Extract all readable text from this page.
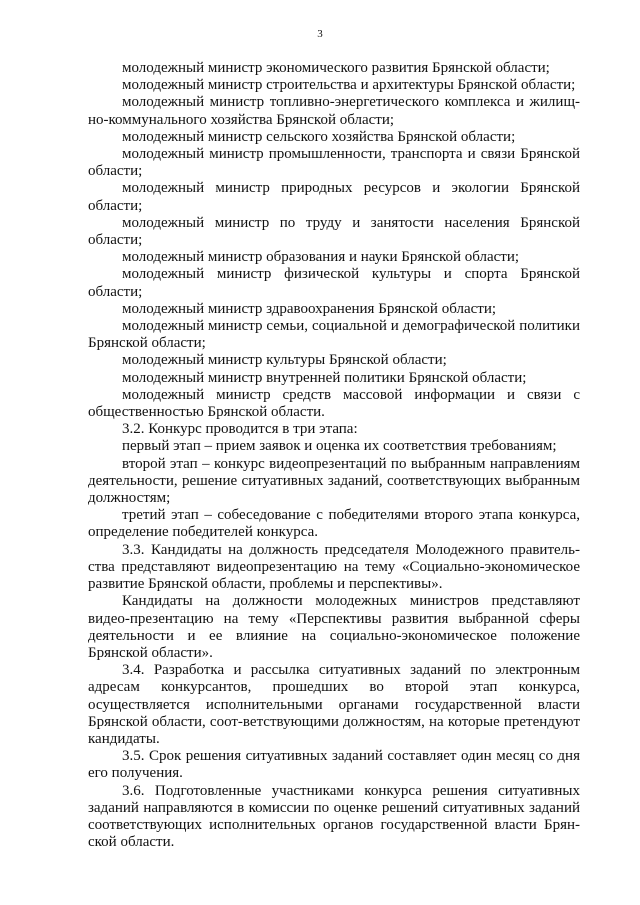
3

молодежный министр экономического развития Брянской области;

молодежный министр строительства и архитектуры Брянской области;

молодежный министр топливно-энергетического комплекса и жилищ-но-коммунального хозяйства Брянской области;

молодежный министр сельского хозяйства Брянской области;

молодежный министр промышленности, транспорта и связи Брянской области;

молодежный министр природных ресурсов и экологии Брянской области;

молодежный министр по труду и занятости населения Брянской области;

молодежный министр образования и науки Брянской области;

молодежный министр физической культуры и спорта Брянской области;

молодежный министр здравоохранения Брянской области;

молодежный министр семьи, социальной и демографической политики Брянской области;

молодежный министр культуры Брянской области;

молодежный министр внутренней политики Брянской области;

молодежный министр средств массовой информации и связи с общественностью Брянской области.

3.2. Конкурс проводится в три этапа:

первый этап – прием заявок и оценка их соответствия требованиям;

второй этап – конкурс видеопрезентаций по выбранным направлениям деятельности, решение ситуативных заданий, соответствующих выбранным должностям;

третий этап – собеседование с победителями второго этапа конкурса, определение победителей конкурса.

3.3. Кандидаты на должность председателя Молодежного правитель-ства представляют видеопрезентацию на тему «Социально-экономическое развитие Брянской области, проблемы и перспективы».

Кандидаты на должности молодежных министров представляют видео-презентацию на тему «Перспективы развития выбранной сферы деятельности и ее влияние на социально-экономическое положение Брянской области».

3.4. Разработка и рассылка ситуативных заданий по электронным адресам конкурсантов, прошедших во второй этап конкурса, осуществляется исполнительными органами государственной власти Брянской области, соот-ветствующими должностям, на которые претендуют кандидаты.

3.5. Срок решения ситуативных заданий составляет один месяц со дня его получения.

3.6. Подготовленные участниками конкурса решения ситуативных заданий направляются в комиссии по оценке решений ситуативных заданий соответствующих исполнительных органов государственной власти Брян-ской области.
